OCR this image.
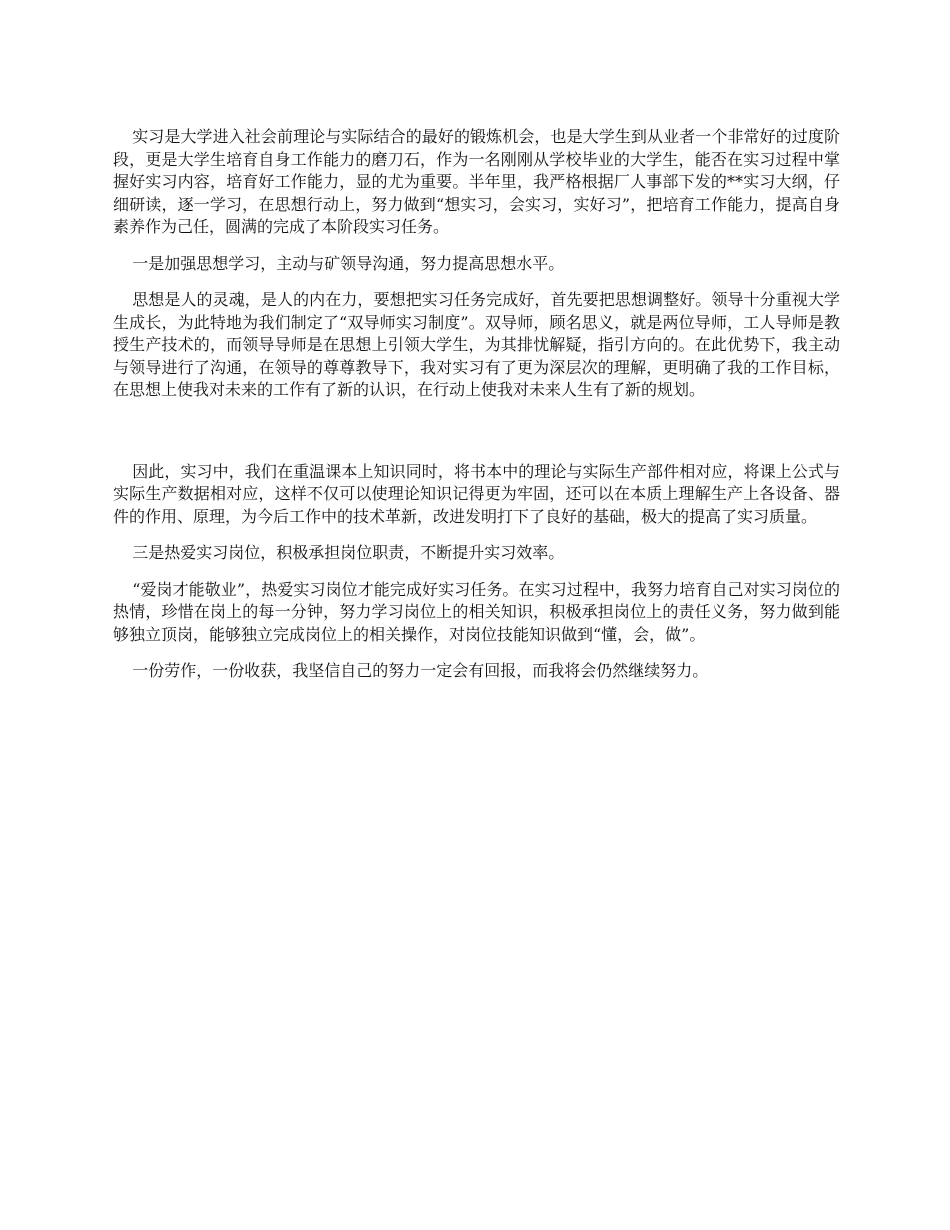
实习是大学进入社会前理论与实际结合的最好的锻炼机会，也是大学生到从业者一个非常好的过度阶段，更是大学生培育自身工作能力的磨刀石，作为一名刚刚从学校毕业的大学生，能否在实习过程中掌握好实习内容，培育好工作能力，显的尤为重要。半年里，我严格根据厂人事部下发的**实习大纲，仔细研读，逐一学习，在思想行动上，努力做到“想实习，会实习，实好习”，把培育工作能力，提高自身素养作为己任，圆满的完成了本阶段实习任务。

一是加强思想学习，主动与矿领导沟通，努力提高思想水平。

思想是人的灵魂，是人的内在力，要想把实习任务完成好，首先要把思想调整好。领导十分重视大学生成长，为此特地为我们制定了“双导师实习制度”。双导师，顾名思义，就是两位导师，工人导师是教授生产技术的，而领导导师是在思想上引领大学生，为其排忧解疑，指引方向的。在此优势下，我主动与领导进行了沟通，在领导的尊尊教导下，我对实习有了更为深层次的理解，更明确了我的工作目标，在思想上使我对未来的工作有了新的认识，在行动上使我对未来人生有了新的规划。

因此，实习中，我们在重温课本上知识同时，将书本中的理论与实际生产部件相对应，将课上公式与实际生产数据相对应，这样不仅可以使理论知识记得更为牢固，还可以在本质上理解生产上各设备、器件的作用、原理，为今后工作中的技术革新，改进发明打下了良好的基础，极大的提高了实习质量。

三是热爱实习岗位，积极承担岗位职责，不断提升实习效率。

“爱岗才能敬业”，热爱实习岗位才能完成好实习任务。在实习过程中，我努力培育自己对实习岗位的热情，珍惜在岗上的每一分钟，努力学习岗位上的相关知识，积极承担岗位上的责任义务，努力做到能够独立顶岗，能够独立完成岗位上的相关操作，对岗位技能知识做到“懂，会，做”。

一份劳作，一份收获，我坚信自己的努力一定会有回报，而我将会仍然继续努力。
